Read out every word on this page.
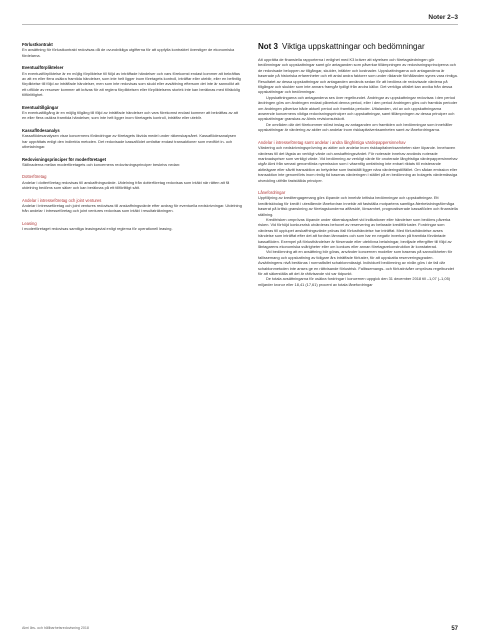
Noter 2–3
Förlustkontrakt

En avsättning för förlustkontrakt redovisas då de ovundvikliga utgifterna för att uppfylla kontraktet överstiger de ekonomiska fördelarna.

Eventualförpliktelser

En eventualförpliktelse är en möjlig förpliktelse till följd av inträffade händelser och vars förekomst endast kommer att bekräftas av att en eller flera osäkra framtida händelser, som inte helt ligger inom företagets kontroll, inträffar eller uteblir, eller en befintlig förpliktelse till följd av inträffade händelser, men som inte redovisas som skuld eller avsättning eftersom det inte är sannolikt att ett utflöde av resurser kommer att krävas för att reglera förpliktelsen eller förpliktelsens storlek inte kan beräknas med tillräcklig tillförlitlighet.

Eventualtillgångar

En eventualtillgång är en möjlig tillgång till följd av inträffade händelser och vars förekomst endast kommer att bekräftas av att en eller flera osäkra framtida händelser, som inte helt ligger inom företagets kontroll, inträffar eller uteblir.

Kassaflödesanalys

Kassaflödesanalysen visar koncernens förändringar av företagets likvida medel under räkenskapsåret. Kassaflödesanalysen har upprättats enligt den indirekta metoden. Det redovisade kassaflödet omfattar endast transaktioner som medfört in- och utbetalningar.

Redovisningsprinciper för moderföretaget

Skillnaderna mellan moderföretagets och koncernens redovisningsprinciper beskrivs nedan:

Dotterföretag

Andelar i dotterföretag redovisas till anskaffningsvärde. Utdelning från dotterföretag redovisas som intäkt när rätten att få utdelning bedöms som säker och kan beräknas på ett tillförlitligt sätt.

Andelar i intresseföretag och joint ventures

Andelar i intresseföretag och joint ventures redovisas till anskaffningsvärde efter avdrag för eventuella nedskrivningar. Utdelning från andelar i intresseföretag och joint ventures redovisas som intäkt i resultaträkningen.

Leasing

I moderföretaget redovisas samtliga leasingavtal enligt reglerna för operationell leasing.

Not 3 Viktiga uppskattningar och bedömningar

Att upprätta de finansiella rapporterna i enlighet med K3 kräver att styrelsen och företagsledningen gör bedömningar och uppskattningar samt gör antaganden som påverkar tillämpningen av redovisningsprinciperna och de redovisade beloppen av tillgångar, skulder, intäkter och kostnader. Uppskattningarna och antagandena är baserade på historiska erfarenheter och ett antal andra faktorer som under rådande förhållanden synes vara rimliga. Resultatet av dessa uppskattningar och antaganden används sedan för att bedöma de redovisade värdena på tillgångar och skulder som inte annars framgår tydligt från andra källor. Det verkliga utfallet kan avvika från dessa uppskattningar och bedömningar.

Uppskattningarna och antagandena ses över regelbundet. Ändringar av uppskattningar redovisas i den period ändringen görs om ändringen endast påverkat denna period, eller i den period ändringen görs och framtida perioder om ändringen påverkar både aktuell period och framtida perioder. Uttalanden, vid av och uppskattningarna avseende koncernens viktiga redovisningsprinciper och uppskattningar, samt tillämpningen av dessa principer och uppskattningar granskas av Almis revisionsutskott.

De områden där det förekommer störst inslag av antaganden om framtiden och bedömningar som innehåller uppskattningar är värdering av aktier och andelar inom riskkapitalverksamheten samt av lånefordringarna.

Andelar i intresseföretag samt andelar i andra långfristiga värdepappersinnehav

Värdering och nedskrivningsprövning av aktier och andelar inom riskkapitalverksamheten sker löpande. Innehaven värderas till det lägsta av verkligt värde och anskaffningsvärdet. För noterade innehav används noterade marknadspriser som verkligt värde. Vid bedömning av verkligt värde för onoterade långfristiga värdepappersinnehav utgår Almi från senast genomförda nyemission som i väsentlig omfattning inte enbart riktats till existerande aktieägare eller såvitt transaktion av betydelse som fastställt ligger nära värderingstillfället. Om sådan emission eller transaktion inte genomförts inom rimlig tid baseras värderingen i stället på en bedömning av bolagets värdemässiga utveckling utifrån fastställda principer.

Lånefordringar

Uppföljning av kreditengagemang görs löpande och innebär kritiska bedömningar och uppskattningar. Ett kreditriskbolag för kredit i utestående lånefordran innebär att fastställa motpartens samtliga återbetalningsförmåga baserat på kritisk granskning av företagskunderna affärsidé, lönsamhet, prognostiserade kassaflöden och finansiella ställning.

Kreditrisken omprövas löpande under räkenskapsåret vid indikationer eller händelser som bedöms påverka risken. Vid förhöjd konkursrisk utvärderas behovet av reservering av befarade kreditförluster. Fordringar som värderas till upplupet anskaffningsvärde prövas ifall förlusthändelse har inträffat. Med förlusthändelse avses händelse som inträffat efter det att fordran lämnades och som har en negativ inverkan på framtida förväntade kassaflöden. Exempel på förlusthändelser är försenade eller uteblivna betalningar, beviljade eftergifter till följd av låntagarens ekonomiska svårigheter eller om konkurs eller annan företagsrekonstruktion är konstaterad.

Vid bedömning att en avsättning bör göras, använder koncernen modeller som baseras på sannolikheten för fallissemang och uppskattning av tidigare års inträffade förluster, för att uppskatta reserveringsgraden. Avsättningens nivå beräknas i normalfallet schablonmässigt. Individuell bedömning av nivån görs i de fall där schablonmetoden inte anses ge en rättvisande förlustrisk. Fallissemangs- och förlustnivåer omprövas regelbundet för att säkerställa att det är rättvisande vid var tidpunkt.

De totala avsättningarna för osäkra fordringar i koncernen uppgick den 31 december 2018 till –1,07 (–1,05) miljarder kronor eller 18,41 (17,61) procent av totala lånefordringar

Almi års- och hållbarhetsredovisning 2018	57
